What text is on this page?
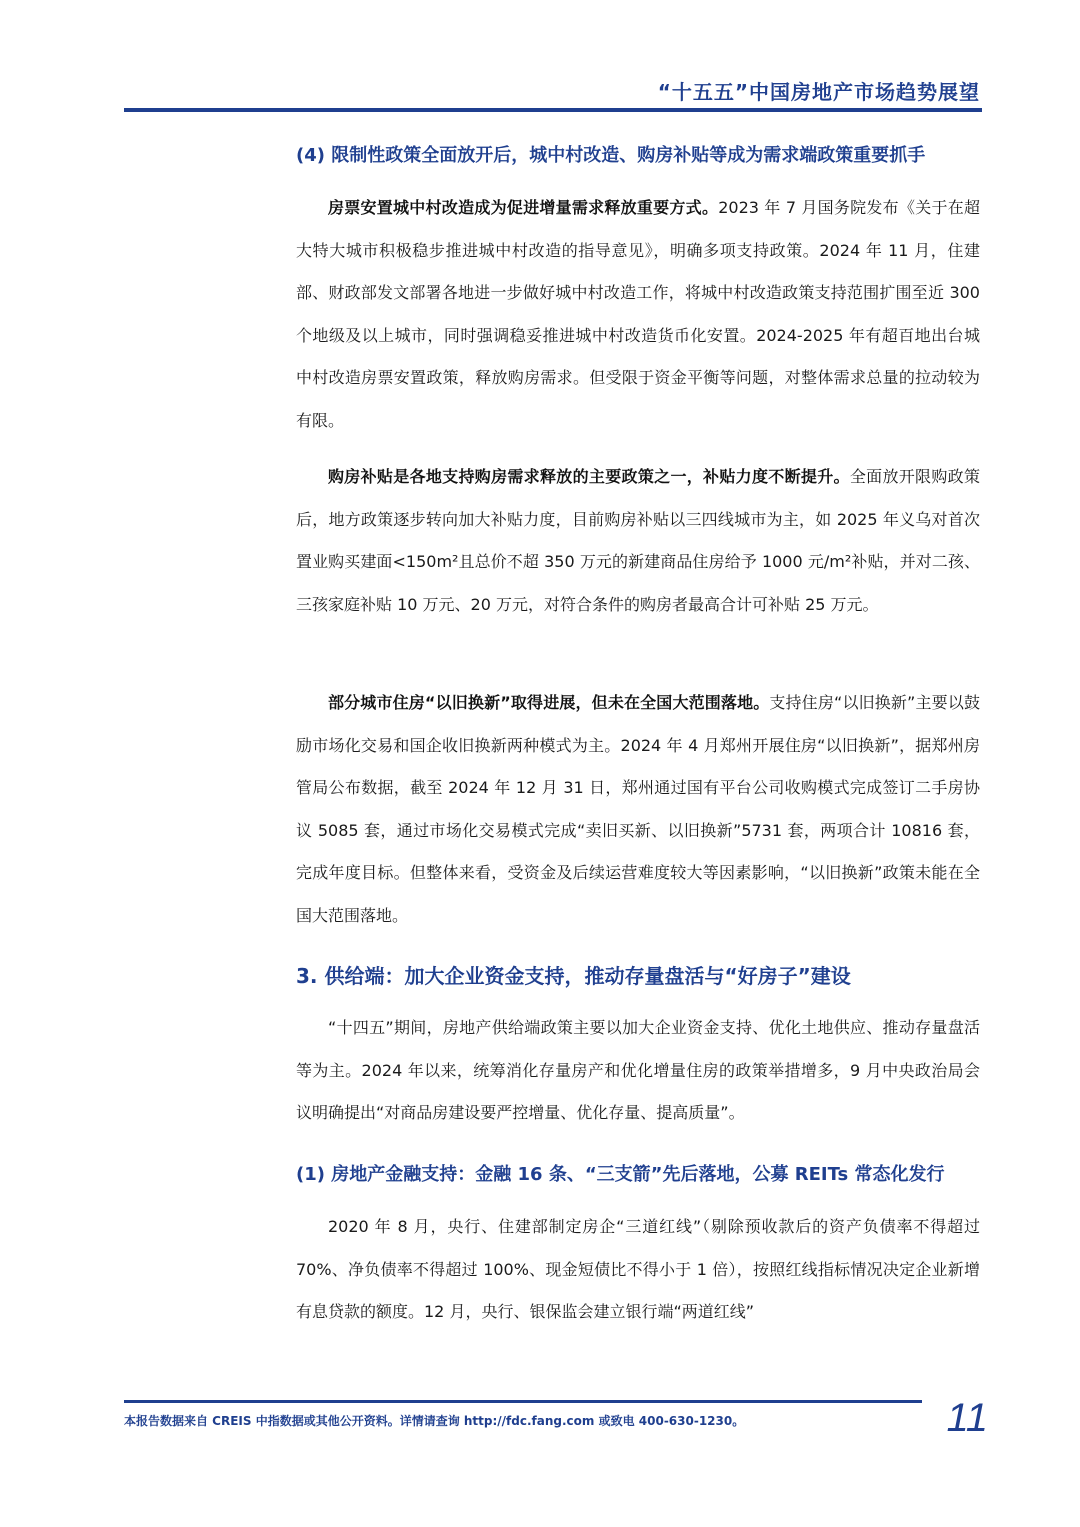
“十五五”中国房地产市场趋势展望
(4) 限制性政策全面放开后，城中村改造、购房补贴等成为需求端政策重要抓手

房票安置城中村改造成为促进增量需求释放重要方式。2023 年 7 月国务院发布《关于在超大特大城市积极稳步推进城中村改造的指导意见》，明确多项支持政策。2024 年 11 月，住建部、财政部发文部署各地进一步做好城中村改造工作，将城中村改造政策支持范围扩围至近 300 个地级及以上城市，同时强调稳妥推进城中村改造货币化安置。2024-2025 年有超百地出台城中村改造房票安置政策，释放购房需求。但受限于资金平衡等问题，对整体需求总量的拉动较为有限。

购房补贴是各地支持购房需求释放的主要政策之一，补贴力度不断提升。全面放开限购政策后，地方政策逐步转向加大补贴力度，目前购房补贴以三四线城市为主，如 2025 年义乌对首次置业购买建面<150m²且总价不超 350 万元的新建商品住房给予 1000 元/m²补贴，并对二孩、三孩家庭补贴 10 万元、20 万元，对符合条件的购房者最高合计可补贴 25 万元。

部分城市住房“以旧换新”取得进展，但未在全国大范围落地。支持住房“以旧换新”主要以鼓励市场化交易和国企收旧换新两种模式为主。2024 年 4 月郑州开展住房“以旧换新”，据郑州房管局公布数据，截至 2024 年 12 月 31 日，郑州通过国有平台公司收购模式完成签订二手房协议 5085 套，通过市场化交易模式完成“卖旧买新、以旧换新”5731 套，两项合计 10816 套，完成年度目标。但整体来看，受资金及后续运营难度较大等因素影响，“以旧换新”政策未能在全国大范围落地。

3. 供给端：加大企业资金支持，推动存量盘活与“好房子”建设

“十四五”期间，房地产供给端政策主要以加大企业资金支持、优化土地供应、推动存量盘活等为主。2024 年以来，统筹消化存量房产和优化增量住房的政策举措增多，9 月中央政治局会议明确提出“对商品房建设要严控增量、优化存量、提高质量”。

(1) 房地产金融支持：金融 16 条、“三支箭”先后落地，公募 REITs 常态化发行

2020 年 8 月，央行、住建部制定房企“三道红线”（剔除预收款后的资产负债率不得超过 70%、净负债率不得超过 100%、现金短债比不得小于 1 倍），按照红线指标情况决定企业新增有息贷款的额度。12 月，央行、银保监会建立银行端“两道红线”

本报告数据来自 CREIS 中指数据或其他公开资料。详情请查询 http://fdc.fang.com 或致电 400-630-1230。	11
